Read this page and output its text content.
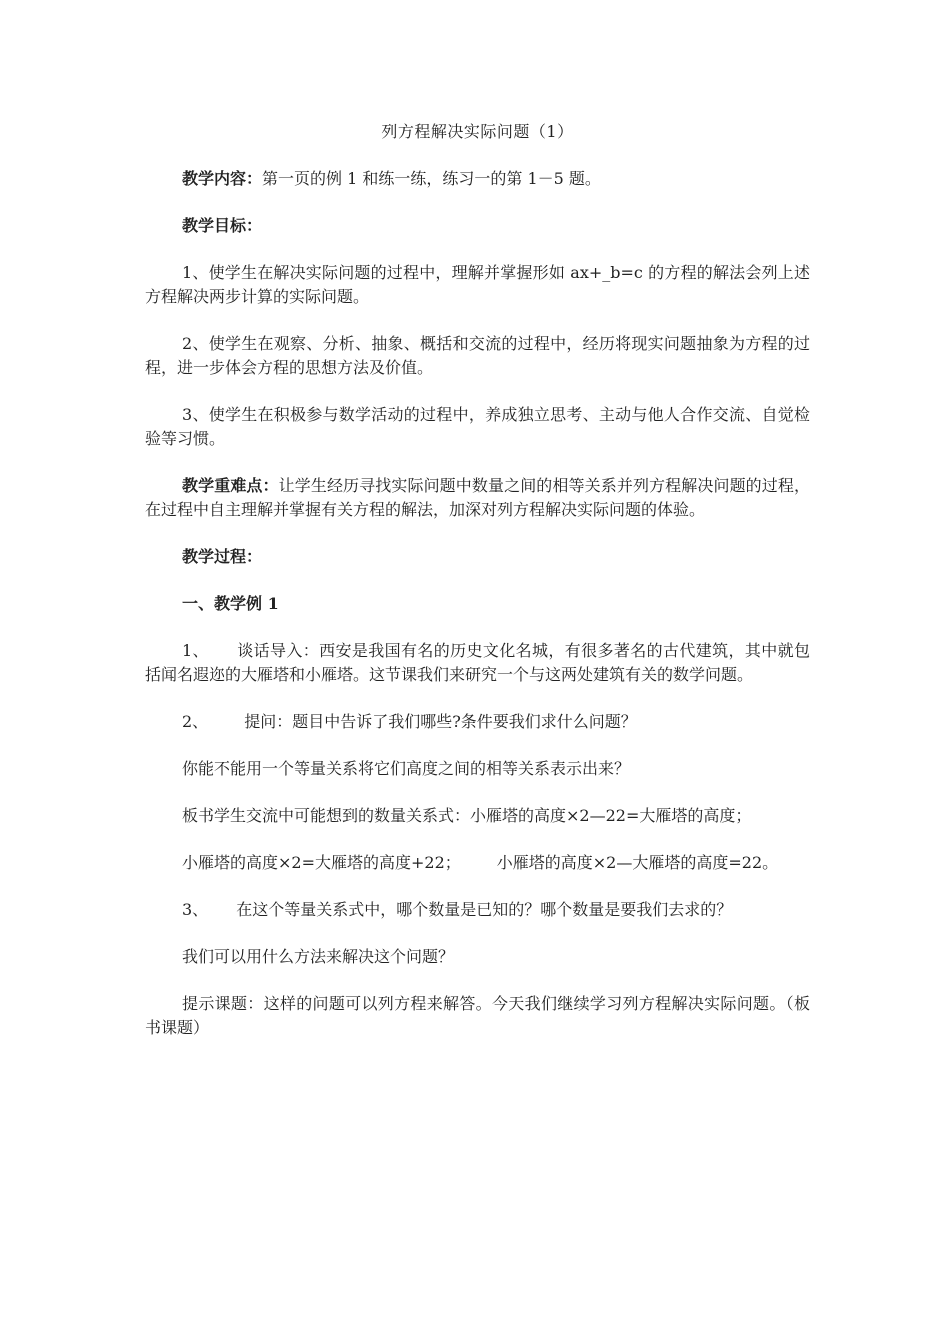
列方程解决实际问题（1）
教学内容：第一页的例 1 和练一练，练习一的第 1－5 题。
教学目标：
1、使学生在解决实际问题的过程中，理解并掌握形如 ax+_b=c 的方程的解法会列上述方程解决两步计算的实际问题。
2、使学生在观察、分析、抽象、概括和交流的过程中，经历将现实问题抽象为方程的过程，进一步体会方程的思想方法及价值。
3、使学生在积极参与数学活动的过程中，养成独立思考、主动与他人合作交流、自觉检验等习惯。
教学重难点：让学生经历寻找实际问题中数量之间的相等关系并列方程解决问题的过程，在过程中自主理解并掌握有关方程的解法，加深对列方程解决实际问题的体验。
教学过程：
一、教学例 1
1、 谈话导入：西安是我国有名的历史文化名城，有很多著名的古代建筑，其中就包括闻名遐迩的大雁塔和小雁塔。这节课我们来研究一个与这两处建筑有关的数学问题。
2、 提问：题目中告诉了我们哪些?条件要我们求什么问题？
你能不能用一个等量关系将它们高度之间的相等关系表示出来？
板书学生交流中可能想到的数量关系式：小雁塔的高度×2—22=大雁塔的高度；
小雁塔的高度×2=大雁塔的高度+22； 小雁塔的高度×2—大雁塔的高度=22。
3、 在这个等量关系式中，哪个数量是已知的？哪个数量是要我们去求的？
我们可以用什么方法来解决这个问题？
提示课题：这样的问题可以列方程来解答。今天我们继续学习列方程解决实际问题。（板书课题）
